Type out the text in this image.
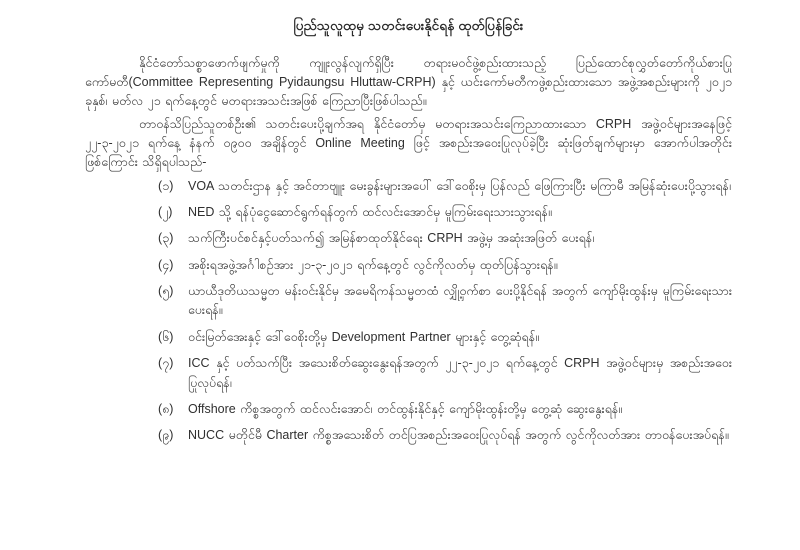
ပြည်သူလူထုမှ သတင်းပေးနိုင်ရန် ထုတ်ပြန်ခြင်း

နိုင်ငံတော်သစ္စာဖောက်ဖျက်မှုကို ကျူးလွန်လျက်ရှိပြီး တရားမဝင်ဖွဲ့စည်းထားသည့် ပြည်ထောင်စုလွှတ်တော်ကိုယ်စားပြုကော်မတီ(Committee Representing Pyidaungsu Hluttaw-CRPH) နှင့် ယင်းကော်မတီကဖွဲ့စည်းထားသော အဖွဲ့အစည်းများကို ၂၀၂၁ ခုနှစ်၊ မတ်လ ၂၁ ရက်နေ့တွင် မတရားအသင်းအဖြစ် ကြေညာပြီးဖြစ်ပါသည်။

တာဝန်သိပြည်သူတစ်ဦး၏ သတင်းပေးပို့ချက်အရ နိုင်ငံတော်မှ မတရားအသင်းကြေညာထားသော CRPH အဖွဲ့ဝင်များအနေဖြင့် ၂၂-၃-၂၀၂၁ ရက်နေ့ နံနက် ၀၉၀၀ အချိန်တွင် Online Meeting ဖြင့် အစည်းအဝေးပြုလုပ်ခဲ့ပြီး ဆုံးဖြတ်ချက်များမှာ အောက်ပါအတိုင်း ဖြစ်ကြောင်း သိရှိရပါသည်-

(၁)	VOA သတင်းဌာန နှင့် အင်တာဗျူး မေးခွန်းများအပေါ် ဒေါ်ဝေစိုးမှ ပြန်လည် ဖြေကြားပြီး မကြာမီ အမြန်ဆုံးပေးပို့သွားရန်၊
(၂)	NED သို့ ရန်ပုံငွေဆောင်ရွက်ရန်တွက် ထင်လင်းအောင်မှ မူကြမ်းရေးသားသွားရန်။
(၃)	သက်ကြီးပင်စင်နှင့်ပတ်သက်၍ အမြန်စာထုတ်နိုင်ရေး CRPH အဖွဲ့မှ အဆုံးအဖြတ် ပေးရန်၊
(၄)	အစိုးရအဖွဲ့အင်္ဂါစဉ်အား ၂၁-၃-၂၀၂၁ ရက်နေ့တွင် လွင်ကိုလတ်မှ ထုတ်ပြန်သွားရန်။
(၅)	ယာယီဒုတိယသမ္မတ မန်းဝင်းနိုင်မှ အမေရိကန်သမ္မတထံ လျှို့ဝှက်စာ ပေးပို့နိုင်ရန် အတွက် ကျော်မိုးထွန်းမှ မူကြမ်းရေးသားပေးရန်။
(၆)	ဝင်းမြတ်အေးနှင့် ဒေါ်ဝေစိုးတို့မှ Development Partner များနှင့် တွေ့ဆုံရန်။
(၇)	ICC နှင့် ပတ်သက်ပြီး အသေးစိတ်ဆွေးနွေးရန်အတွက် ၂၂-၃-၂၀၂၁ ရက်နေ့တွင် CRPH အဖွဲ့ဝင်များမှ အစည်းအဝေးပြုလုပ်ရန်၊
(၈)	Offshore ကိစ္စအတွက် ထင်လင်းအောင်၊ တင်ထွန်းနိုင်နှင့် ကျော်မိုးထွန်းတို့မှ တွေ့ဆုံ ဆွေးနွေးရန်။
(၉)	NUCC မတိုင်မီ Charter ကိစ္စအသေးစိတ် တင်ပြအစည်းအဝေးပြုလုပ်ရန် အတွက် လွင်ကိုလတ်အား တာဝန်ပေးအပ်ရန်။
